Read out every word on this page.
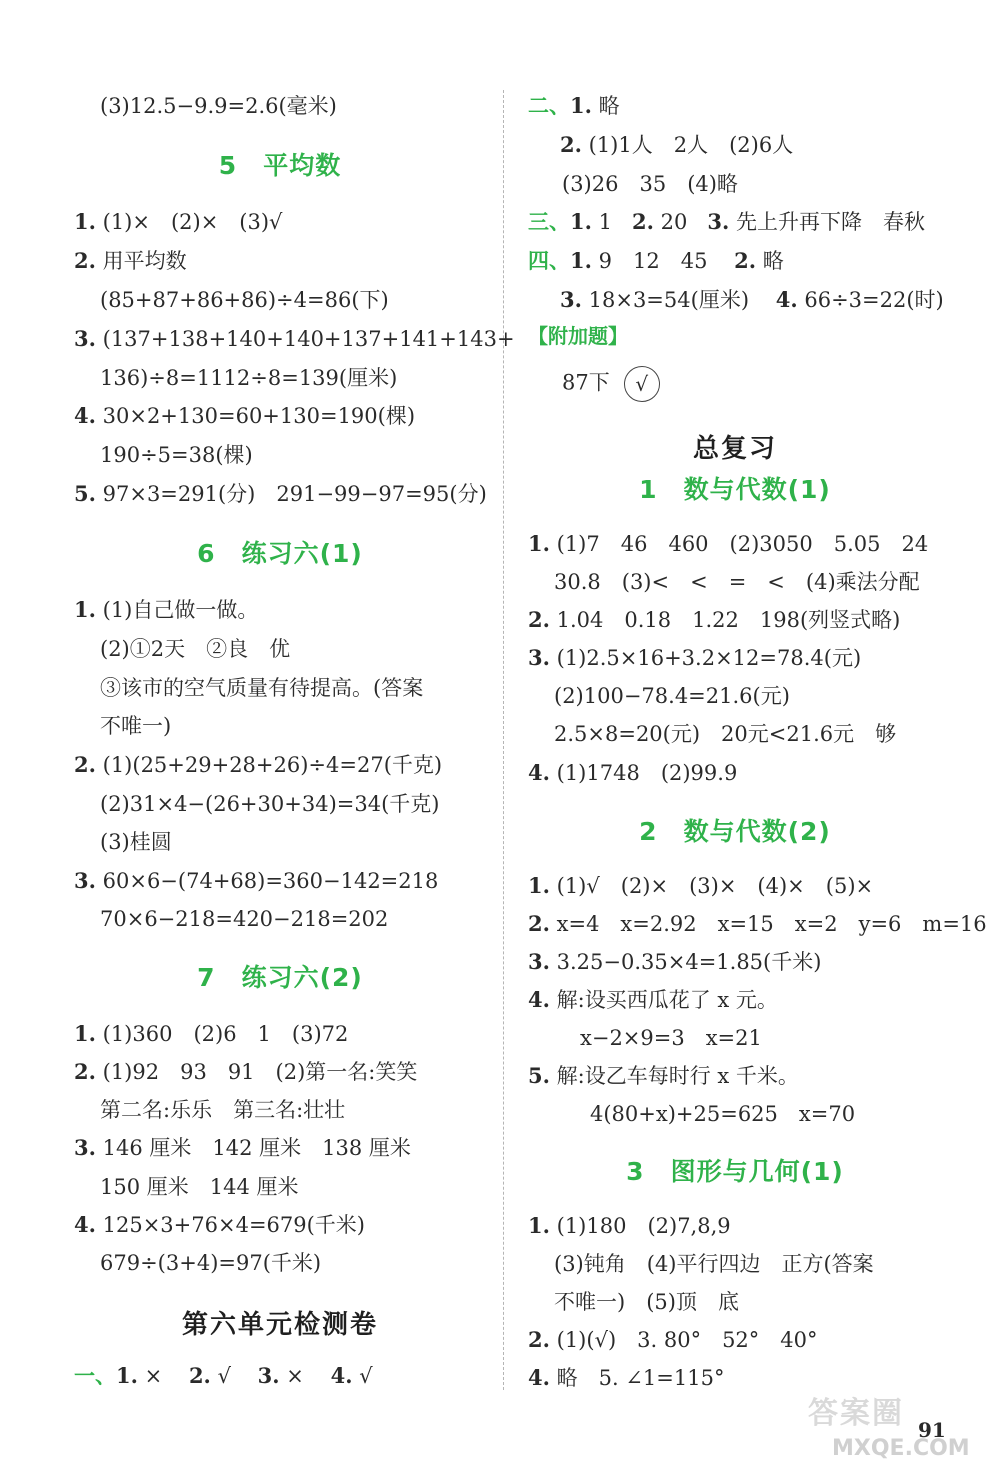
(3)12.5−9.9=2.6(毫米)
5　平均数
1. (1)×　(2)×　(3)√
2. 用平均数
(85+87+86+86)÷4=86(下)
3. (137+138+140+140+137+141+143+
136)÷8=1112÷8=139(厘米)
4. 30×2+130=60+130=190(棵)
190÷5=38(棵)
5. 97×3=291(分)　291−99−97=95(分)
6　练习六(1)
1. (1)自己做一做。
(2)①2天　②良　优
③该市的空气质量有待提高。(答案
不唯一)
2. (1)(25+29+28+26)÷4=27(千克)
(2)31×4−(26+30+34)=34(千克)
(3)桂圆
3. 60×6−(74+68)=360−142=218
70×6−218=420−218=202
7　练习六(2)
1. (1)360　(2)6　1　(3)72
2. (1)92　93　91　(2)第一名:笑笑
第二名:乐乐　第三名:壮壮
3. 146 厘米　142 厘米　138 厘米
150 厘米　144 厘米
4. 125×3+76×4=679(千米)
679÷(3+4)=97(千米)
第六单元检测卷
一、1. × 2. √ 3. × 4. √
二、1. 略
2. (1)1人　2人　(2)6人
(3)26　35　(4)略
三、1. 1 2. 20 3. 先上升再下降　春秋
四、1. 9　12　45 2. 略
3. 18×3=54(厘米) 4. 66÷3=22(时)
【附加题】
87下 √
总复习
1　数与代数(1)
1. (1)7　46　460　(2)3050　5.05　24
30.8　(3)<　<　=　<　(4)乘法分配
2. 1.04　0.18　1.22　198(列竖式略)
3. (1)2.5×16+3.2×12=78.4(元)
(2)100−78.4=21.6(元)
2.5×8=20(元)　20元<21.6元　够
4. (1)1748　(2)99.9
2　数与代数(2)
1. (1)√　(2)×　(3)×　(4)×　(5)×
2. x=4　x=2.92　x=15　x=2　y=6　m=16
3. 3.25−0.35×4=1.85(千米)
4. 解:设买西瓜花了 x 元。
x−2×9=3　x=21
5. 解:设乙车每时行 x 千米。
4(80+x)+25=625　x=70
3　图形与几何(1)
1. (1)180　(2)7,8,9
(3)钝角　(4)平行四边　正方(答案
不唯一)　(5)顶　底
2. (1)(√)　3. 80°　52°　40°
4. 略　5. ∠1=115°
答案圈
MXQE.COM
91
